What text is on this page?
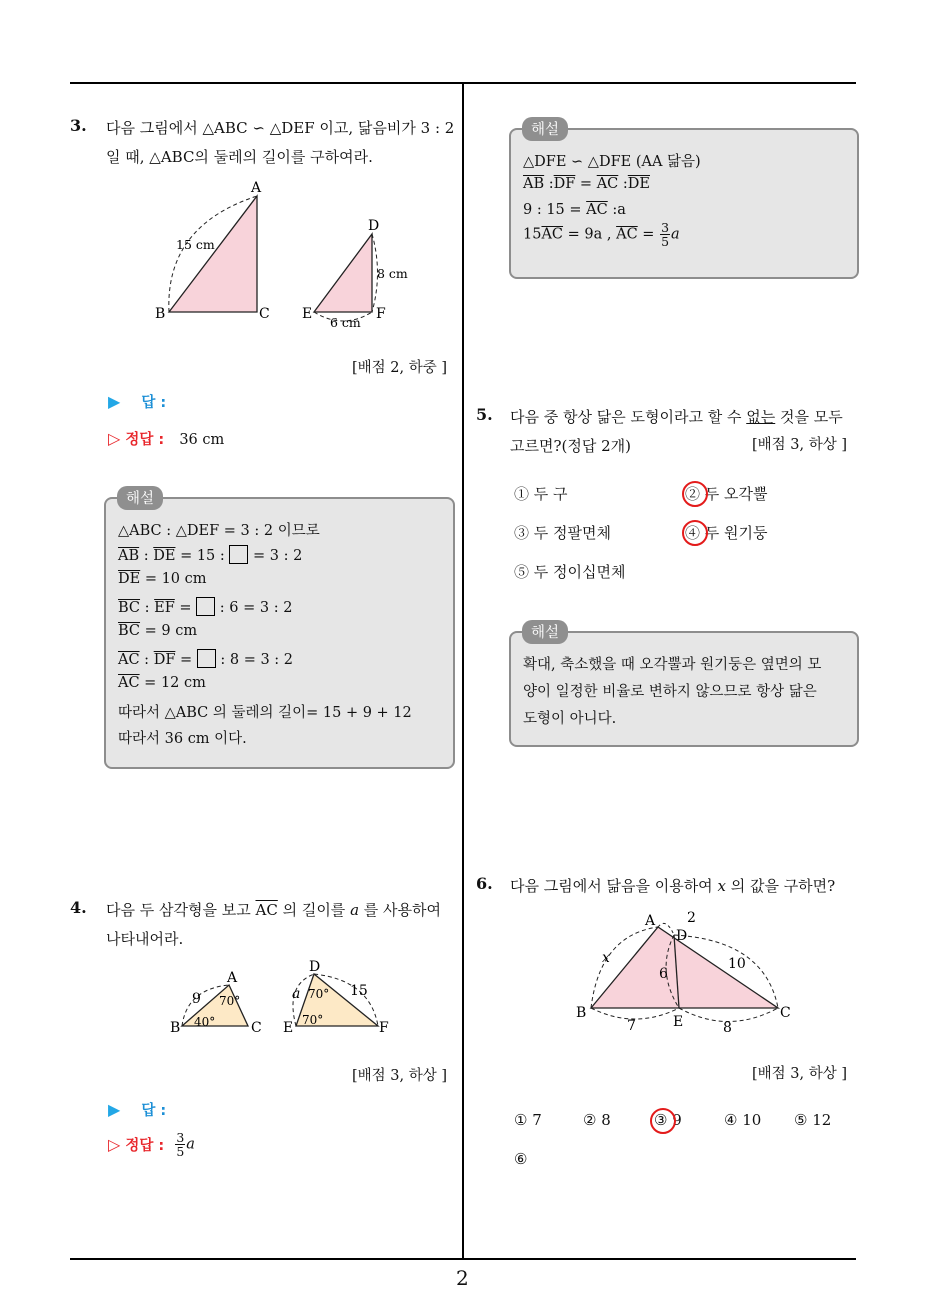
2
3. 다음 그림에서 △ABC ∽ △DEF 이고, 닮음비가 3 : 2
일 때, △ABC의 둘레의 길이를 구하여라.
A
B	C
15 cm
D
E	F
8 cm
6 cm
[배점 2, 하중 ]
▶ 답 :
▷ 정답 : 36 cm
해설
△ABC : △DEF = 3 : 2 이므로
$\overline{AB}$ : $\overline{DE} = 15$ :  = 3 : 2
$\overline{DE} = 10$ cm
$\overline{BC}$ : $\overline{EF}$ =  : 6 = 3 : 2
$\overline{BC} = 9$ cm
$\overline{AC}$ : $\overline{DF}$ =  : 8 = 3 : 2
$\overline{AC} = 12$ cm
따라서 △ABC 의 둘레의 길이= 15 + 9 + 12
따라서 36 cm 이다.
4. 다음 두 삼각형을 보고 $\overline{AC}$ 의 길이를 a 를 사용하여
나타내어라.
A
B	C
9 70°
40°
D
E	F
a 70°
70°
15
[배점 3, 하상 ]
▶ 답 :
▷ 정답 : $\frac{3}{5}$ a
해설
△DFE ∽ △DFE (AA 닮음)
$\overline{AB}$ $:\overline{DF} = \overline{AC}$ $:\overline{DE}$
9 : $15 = \overline{AC}$ :a
$15\overline{AC} = 9a$ , $\overline{AC} = \frac{3}{5}$ a
5. 다음 중 항상 닮은 도형이라고 할 수 없는 것을 모두
고르면?(정답 2개)	[배점 3, 하상 ]
① 두 구	② 두 오각뿔
③ 두 정팔면체	④ 두 원기둥
⑤ 두 정이십면체
해설
확대, 축소했을 때 오각뿔과 원기둥은 옆면의 모
양이 일정한 비율로 변하지 않으므로 항상 닮은
도형이 아니다.
6. 다음 그림에서 닮음을 이용하여 x 의 값을 구하면?
A
D
B
E
C
2
x
6
10
7	8
[배점 3, 하상 ]
① 7	② 8	③ 9	④ 10 ⑤ 12
⑥
